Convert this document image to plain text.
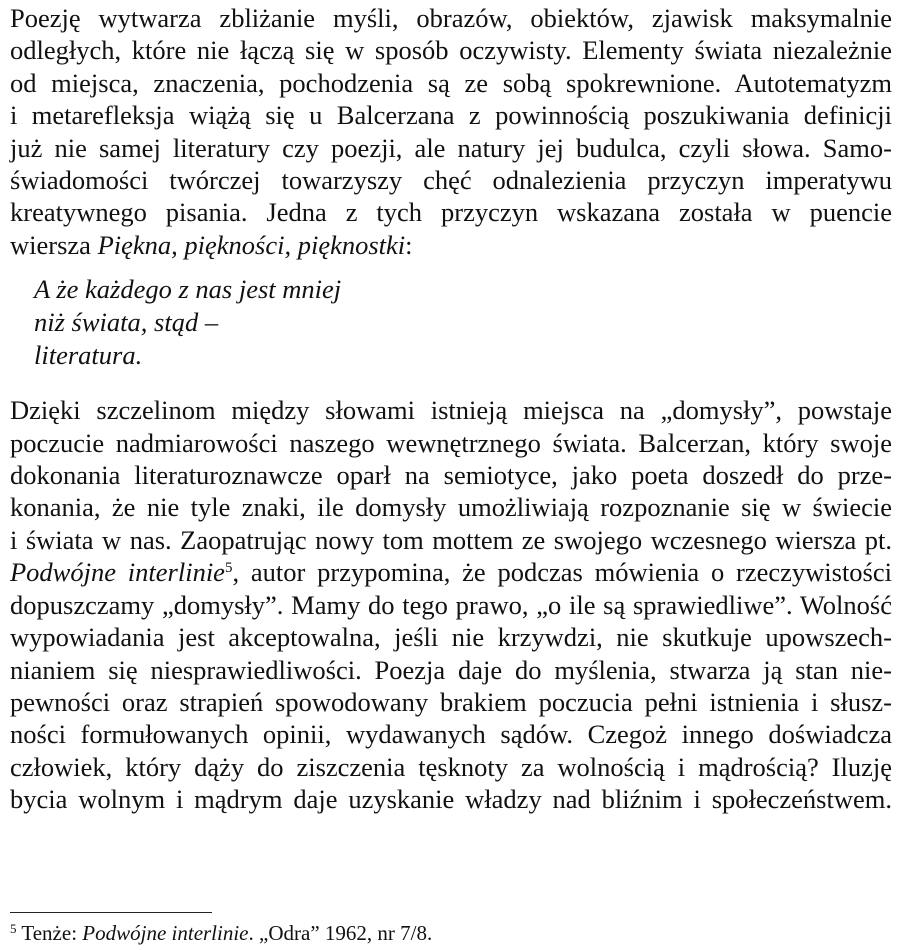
Poezję wytwarza zbliżanie myśli, obrazów, obiektów, zjawisk maksymalnie
odległych, które nie łączą się w sposób oczywisty. Elementy świata niezależnie
od miejsca, znaczenia, pochodzenia są ze sobą spokrewnione. Autotematyzm
i metarefleksja wiążą się u Balcerzana z powinnością poszukiwania definicji
już nie samej literatury czy poezji, ale natury jej budulca, czyli słowa. Samo-
świadomości twórczej towarzyszy chęć odnalezienia przyczyn imperatywu
kreatywnego pisania. Jedna z tych przyczyn wskazana została w puencie
wiersza Piękna, piękności, pięknostki:

A że każdego z nas jest mniej
niż świata, stąd –
literatura.

Dzięki szczelinom między słowami istnieją miejsca na „domysły”, powstaje
poczucie nadmiarowości naszego wewnętrznego świata. Balcerzan, który swoje
dokonania literaturoznawcze oparł na semiotyce, jako poeta doszedł do prze-
konania, że nie tyle znaki, ile domysły umożliwiają rozpoznanie się w świecie
i świata w nas. Zaopatrując nowy tom mottem ze swojego wczesnego wiersza pt.
Podwójne interlinie$^5$, autor przypomina, że podczas mówienia o rzeczywistości
dopuszczamy „domysły”. Mamy do tego prawo, „o ile są sprawiedliwe”. Wolność
wypowiadania jest akceptowalna, jeśli nie krzywdzi, nie skutkuje upowszech-
nianiem się niesprawiedliwości. Poezja daje do myślenia, stwarza ją stan nie-
pewności oraz strapień spowodowany brakiem poczucia pełni istnienia i słusz-
ności formułowanych opinii, wydawanych sądów. Czegoż innego doświadcza
człowiek, który dąży do ziszczenia tęsknoty za wolnością i mądrością? Iluzję
bycia wolnym i mądrym daje uzyskanie władzy nad bliźnim i społeczeństwem.

$^5$ Tenże: Podwójne interlinie. „Odra” 1962, nr 7/8.
